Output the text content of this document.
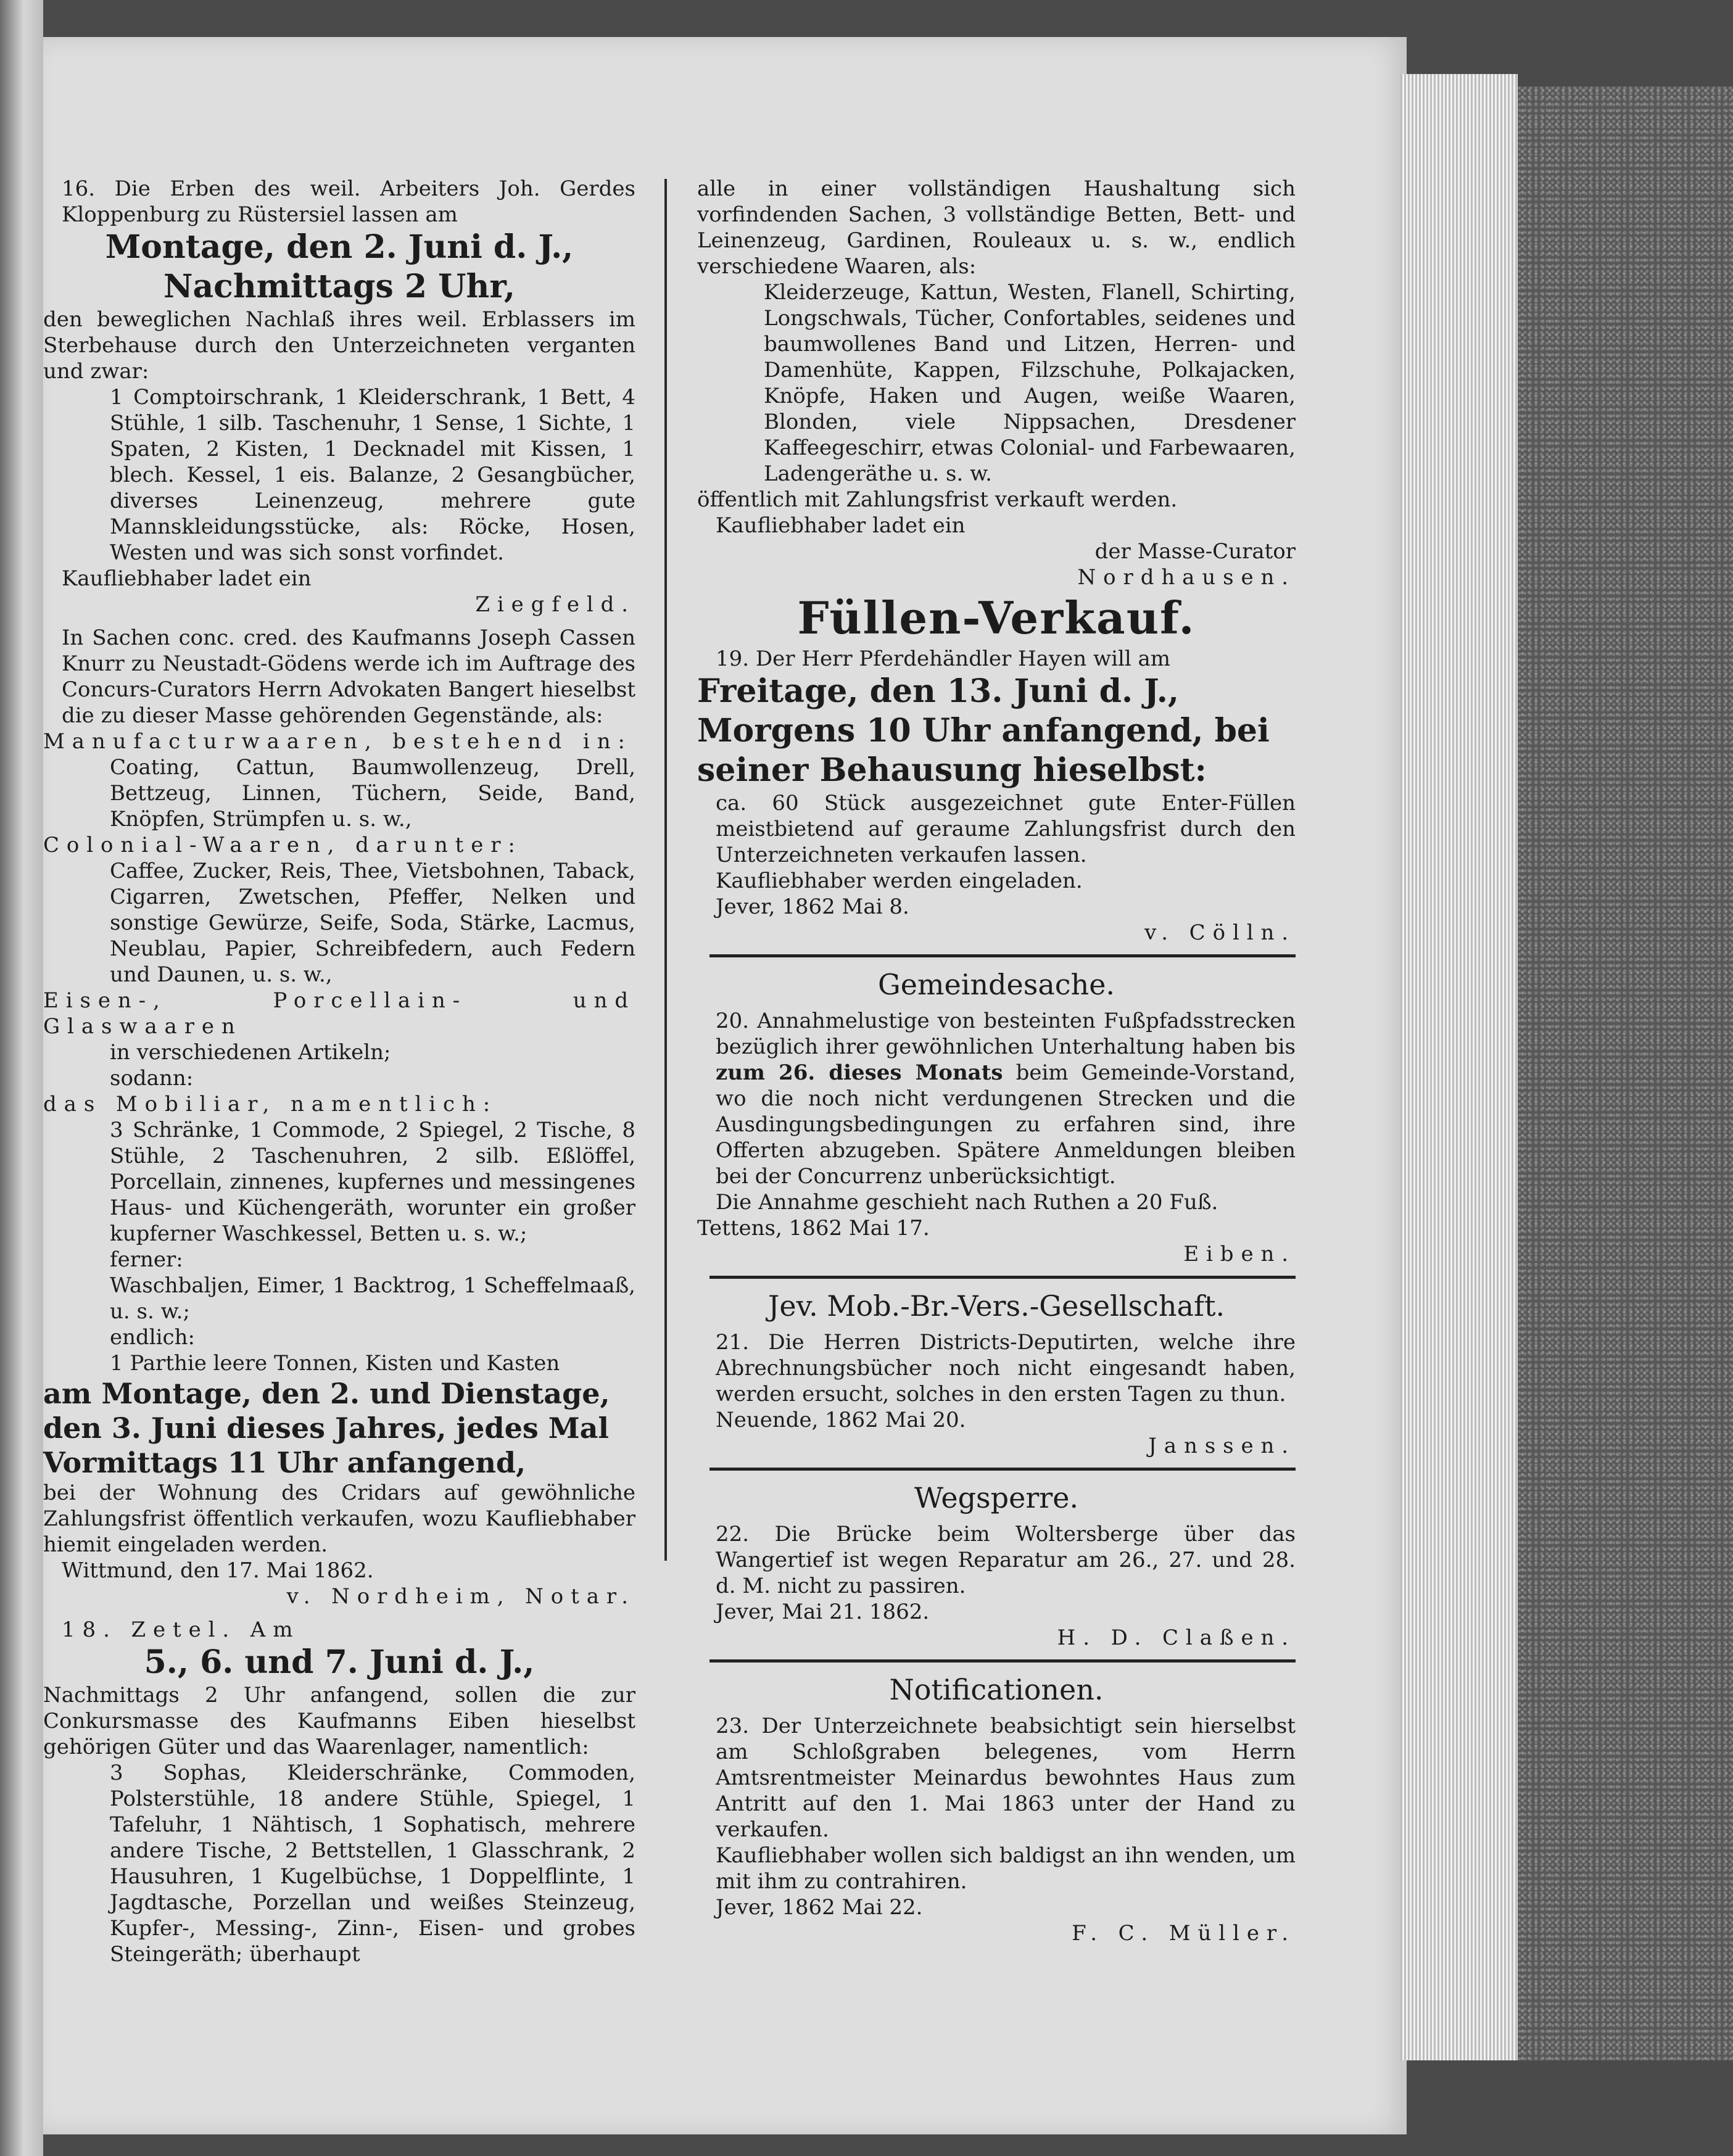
16. Die Erben des weil. Arbeiters Joh. Gerdes Kloppenburg zu Rüstersiel lassen am

Montage, den 2. Juni d. J.,

Nachmittags 2 Uhr,

den beweglichen Nachlaß ihres weil. Erblassers im Sterbehause durch den Unterzeichneten verganten und zwar:

1 Comptoirschrank, 1 Kleiderschrank, 1 Bett, 4 Stühle, 1 silb. Taschenuhr, 1 Sense, 1 Sichte, 1 Spaten, 2 Kisten, 1 Decknadel mit Kissen, 1 blech. Kessel, 1 eis. Balanze, 2 Gesangbücher, diverses Leinenzeug, mehrere gute Mannskleidungsstücke, als: Röcke, Hosen, Westen und was sich sonst vorfindet.

Kaufliebhaber ladet ein

Ziegfeld.

In Sachen conc. cred. des Kaufmanns Joseph Cassen Knurr zu Neustadt-Gödens werde ich im Auftrage des Concurs-Curators Herrn Advokaten Bangert hieselbst die zu dieser Masse gehörenden Gegenstände, als:

Manufacturwaaren, bestehend in:

Coating, Cattun, Baumwollenzeug, Drell, Bettzeug, Linnen, Tüchern, Seide, Band, Knöpfen, Strümpfen u. s. w.,

Colonial-Waaren, darunter:

Caffee, Zucker, Reis, Thee, Vietsbohnen, Taback, Cigarren, Zwetschen, Pfeffer, Nelken und sonstige Gewürze, Seife, Soda, Stärke, Lacmus, Neublau, Papier, Schreibfedern, auch Federn und Daunen, u. s. w.,

Eisen-, Porcellain- und Glaswaaren

in verschiedenen Artikeln;

sodann:

das Mobiliar, namentlich:

3 Schränke, 1 Commode, 2 Spiegel, 2 Tische, 8 Stühle, 2 Taschenuhren, 2 silb. Eßlöffel, Porcellain, zinnenes, kupfernes und messingenes Haus- und Küchengeräth, worunter ein großer kupferner Waschkessel, Betten u. s. w.;

ferner:

Waschbaljen, Eimer, 1 Backtrog, 1 Scheffelmaaß, u. s. w.;

endlich:

1 Parthie leere Tonnen, Kisten und Kasten

am Montage, den 2. und Dienstage, den 3. Juni dieses Jahres, jedes Mal Vormittags 11 Uhr anfangend,

bei der Wohnung des Cridars auf gewöhnliche Zahlungsfrist öffentlich verkaufen, wozu Kaufliebhaber hiemit eingeladen werden.

Wittmund, den 17. Mai 1862.

v. Nordheim, Notar.

18. Zetel. Am

5., 6. und 7. Juni d. J.,

Nachmittags 2 Uhr anfangend, sollen die zur Conkursmasse des Kaufmanns Eiben hieselbst gehörigen Güter und das Waarenlager, namentlich:

3 Sophas, Kleiderschränke, Commoden, Polsterstühle, 18 andere Stühle, Spiegel, 1 Tafeluhr, 1 Nähtisch, 1 Sophatisch, mehrere andere Tische, 2 Bettstellen, 1 Glasschrank, 2 Hausuhren, 1 Kugelbüchse, 1 Doppelflinte, 1 Jagdtasche, Porzellan und weißes Steinzeug, Kupfer-, Messing-, Zinn-, Eisen- und grobes Steingeräth; überhaupt

alle in einer vollständigen Haushaltung sich vorfindenden Sachen, 3 vollständige Betten, Bett- und Leinenzeug, Gardinen, Rouleaux u. s. w., endlich verschiedene Waaren, als:

Kleiderzeuge, Kattun, Westen, Flanell, Schirting, Longschwals, Tücher, Confortables, seidenes und baumwollenes Band und Litzen, Herren- und Damenhüte, Kappen, Filzschuhe, Polkajacken, Knöpfe, Haken und Augen, weiße Waaren, Blonden, viele Nippsachen, Dresdener Kaffeegeschirr, etwas Colonial- und Farbewaaren, Ladengeräthe u. s. w.

öffentlich mit Zahlungsfrist verkauft werden.

Kaufliebhaber ladet ein

der Masse-Curator

Nordhausen.

Füllen-Verkauf.

19. Der Herr Pferdehändler Hayen will am

Freitage, den 13. Juni d. J.,

Morgens 10 Uhr anfangend, bei seiner Behausung hieselbst:

ca. 60 Stück ausgezeichnet gute Enter-Füllen meistbietend auf geraume Zahlungsfrist durch den Unterzeichneten verkaufen lassen.

Kaufliebhaber werden eingeladen.

Jever, 1862 Mai 8.

v. Cölln.

Gemeindesache.

20. Annahmelustige von besteinten Fußpfadsstrecken bezüglich ihrer gewöhnlichen Unterhaltung haben bis zum 26. dieses Monats beim Gemeinde-Vorstand, wo die noch nicht verdungenen Strecken und die Ausdingungsbedingungen zu erfahren sind, ihre Offerten abzugeben. Spätere Anmeldungen bleiben bei der Concurrenz unberücksichtigt.

Die Annahme geschieht nach Ruthen a 20 Fuß.

Tettens, 1862 Mai 17.

Eiben.

Jev. Mob.-Br.-Vers.-Gesellschaft.

21. Die Herren Districts-Deputirten, welche ihre Abrechnungsbücher noch nicht eingesandt haben, werden ersucht, solches in den ersten Tagen zu thun.

Neuende, 1862 Mai 20.

Janssen.

Wegsperre.

22. Die Brücke beim Woltersberge über das Wangertief ist wegen Reparatur am 26., 27. und 28. d. M. nicht zu passiren.

Jever, Mai 21. 1862.

H. D. Claßen.

Notificationen.

23. Der Unterzeichnete beabsichtigt sein hierselbst am Schloßgraben belegenes, vom Herrn Amtsrentmeister Meinardus bewohntes Haus zum Antritt auf den 1. Mai 1863 unter der Hand zu verkaufen.

Kaufliebhaber wollen sich baldigst an ihn wenden, um mit ihm zu contrahiren.

Jever, 1862 Mai 22.

F. C. Müller.
